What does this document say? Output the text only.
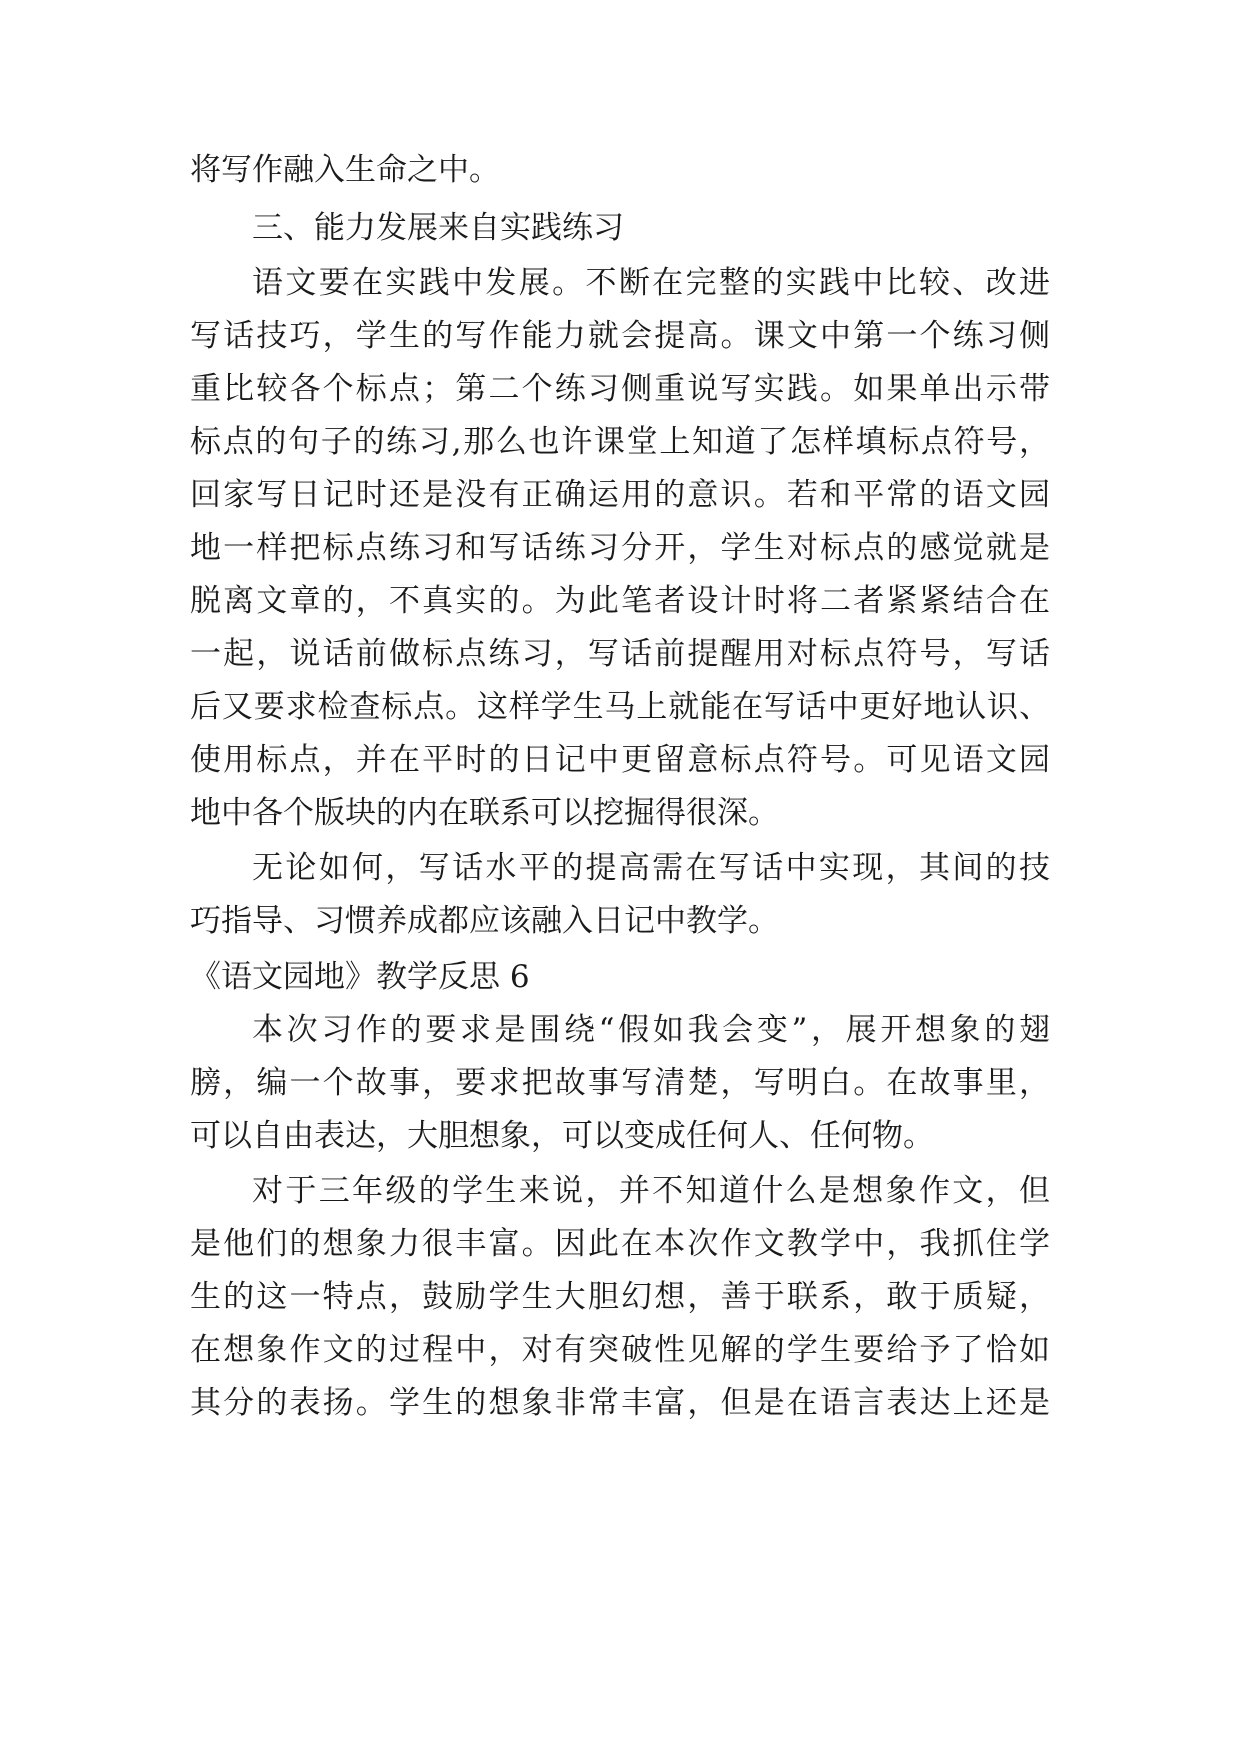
将写作融入生命之中。
三、能力发展来自实践练习
语文要在实践中发展。不断在完整的实践中比较、改进
写话技巧，学生的写作能力就会提高。课文中第一个练习侧
重比较各个标点；第二个练习侧重说写实践。如果单出示带
标点的句子的练习,那么也许课堂上知道了怎样填标点符号，
回家写日记时还是没有正确运用的意识。若和平常的语文园
地一样把标点练习和写话练习分开，学生对标点的感觉就是
脱离文章的，不真实的。为此笔者设计时将二者紧紧结合在
一起，说话前做标点练习，写话前提醒用对标点符号，写话
后又要求检查标点。这样学生马上就能在写话中更好地认识、
使用标点，并在平时的日记中更留意标点符号。可见语文园
地中各个版块的内在联系可以挖掘得很深。
无论如何，写话水平的提高需在写话中实现，其间的技
巧指导、习惯养成都应该融入日记中教学。
《语文园地》教学反思 6
本次习作的要求是围绕“假如我会变”，展开想象的翅
膀，编一个故事，要求把故事写清楚，写明白。在故事里，
可以自由表达，大胆想象，可以变成任何人、任何物。
对于三年级的学生来说，并不知道什么是想象作文，但
是他们的想象力很丰富。因此在本次作文教学中，我抓住学
生的这一特点，鼓励学生大胆幻想，善于联系，敢于质疑，
在想象作文的过程中，对有突破性见解的学生要给予了恰如
其分的表扬。学生的想象非常丰富，但是在语言表达上还是
